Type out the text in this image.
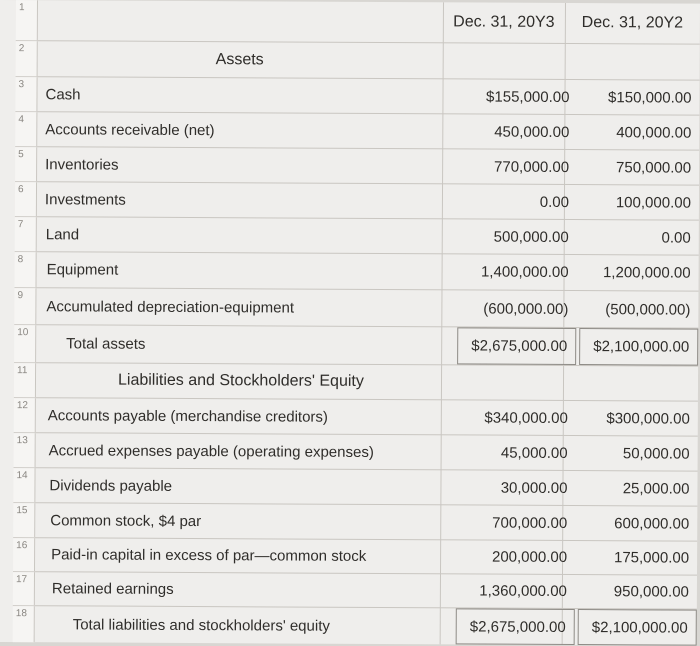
1
Dec. 31, 20Y3	Dec. 31, 20Y2
2
Assets
3
Cash	$155,000.00	$150,000.00
4
Accounts receivable (net)	450,000.00	400,000.00
5
Inventories	770,000.00	750,000.00
6
Investments	0.00	100,000.00
7
Land	500,000.00	0.00
8
Equipment	1,400,000.00	1,200,000.00
9
Accumulated depreciation-equipment	(600,000.00)	(500,000.00)
10
Total assets	$2,675,000.00	$2,100,000.00
11
Liabilities and Stockholders' Equity
12
Accounts payable (merchandise creditors)	$340,000.00	$300,000.00
13
Accrued expenses payable (operating expenses)	45,000.00	50,000.00
14
Dividends payable	30,000.00	25,000.00
15
Common stock, $4 par	700,000.00	600,000.00
16
Paid-in capital in excess of par—common stock	200,000.00	175,000.00
17
Retained earnings	1,360,000.00	950,000.00
18
Total liabilities and stockholders' equity	$2,675,000.00	$2,100,000.00
